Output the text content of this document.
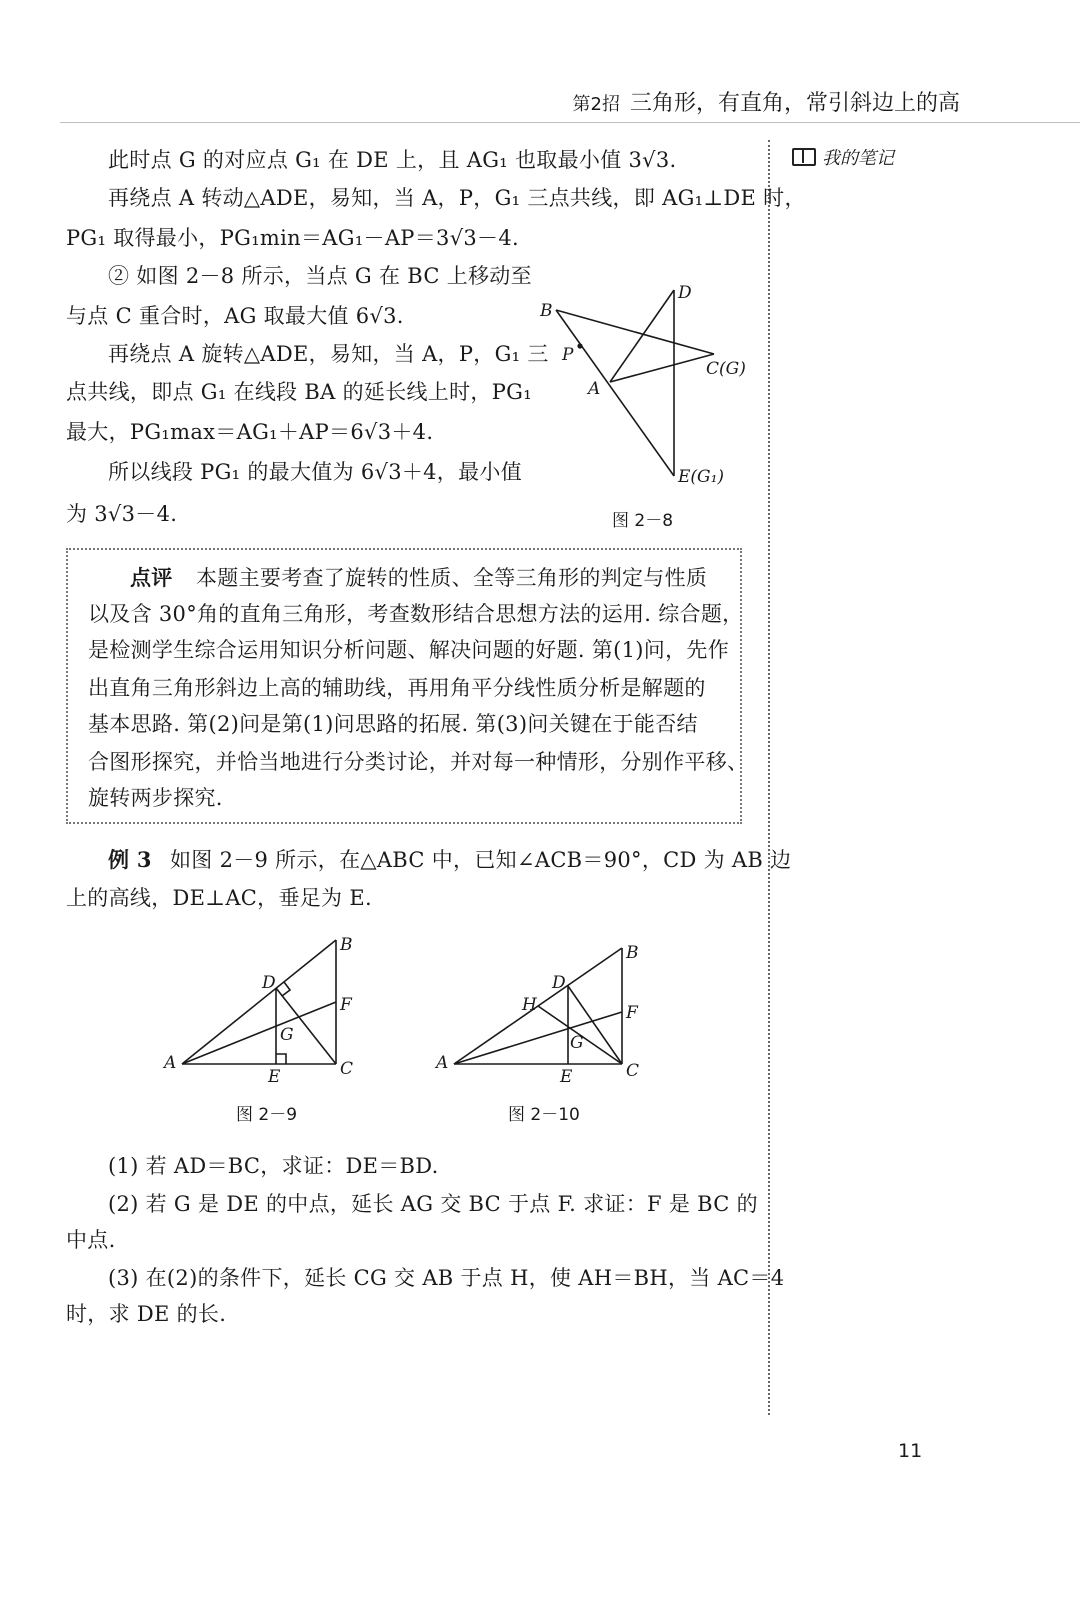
第2招 三角形，有直角，常引斜边上的高
我的笔记
此时点 G 的对应点 G₁ 在 DE 上，且 AG₁ 也取最小值 3√3.
再绕点 A 转动△ADE，易知，当 A，P，G₁ 三点共线，即 AG₁⊥DE 时，
PG₁ 取得最小，PG₁min＝AG₁－AP＝3√3－4.
② 如图 2－8 所示，当点 G 在 BC 上移动至
与点 C 重合时，AG 取最大值 6√3.
再绕点 A 旋转△ADE，易知，当 A，P，G₁ 三
点共线，即点 G₁ 在线段 BA 的延长线上时，PG₁
最大，PG₁max＝AG₁＋AP＝6√3＋4.
所以线段 PG₁ 的最大值为 6√3＋4，最小值
为 3√3－4.
B
D
P
A
C(G)
E(G₁)
图 2－8
点评 本题主要考查了旋转的性质、全等三角形的判定与性质
以及含 30°角的直角三角形，考查数形结合思想方法的运用. 综合题，
是检测学生综合运用知识分析问题、解决问题的好题. 第(1)问，先作
出直角三角形斜边上高的辅助线，再用角平分线性质分析是解题的
基本思路. 第(2)问是第(1)问思路的拓展. 第(3)问关键在于能否结
合图形探究，并恰当地进行分类讨论，并对每一种情形，分别作平移、
旋转两步探究.
例 3 如图 2－9 所示，在△ABC 中，已知∠ACB＝90°，CD 为 AB 边
上的高线，DE⊥AC，垂足为 E.
A
B
C
D
E
F
G
图 2－9
A
B
C
D
E
F
G
H
图 2－10
(1) 若 AD＝BC，求证：DE＝BD.
(2) 若 G 是 DE 的中点，延长 AG 交 BC 于点 F. 求证：F 是 BC 的
中点.
(3) 在(2)的条件下，延长 CG 交 AB 于点 H，使 AH＝BH，当 AC＝4
时，求 DE 的长.
11
